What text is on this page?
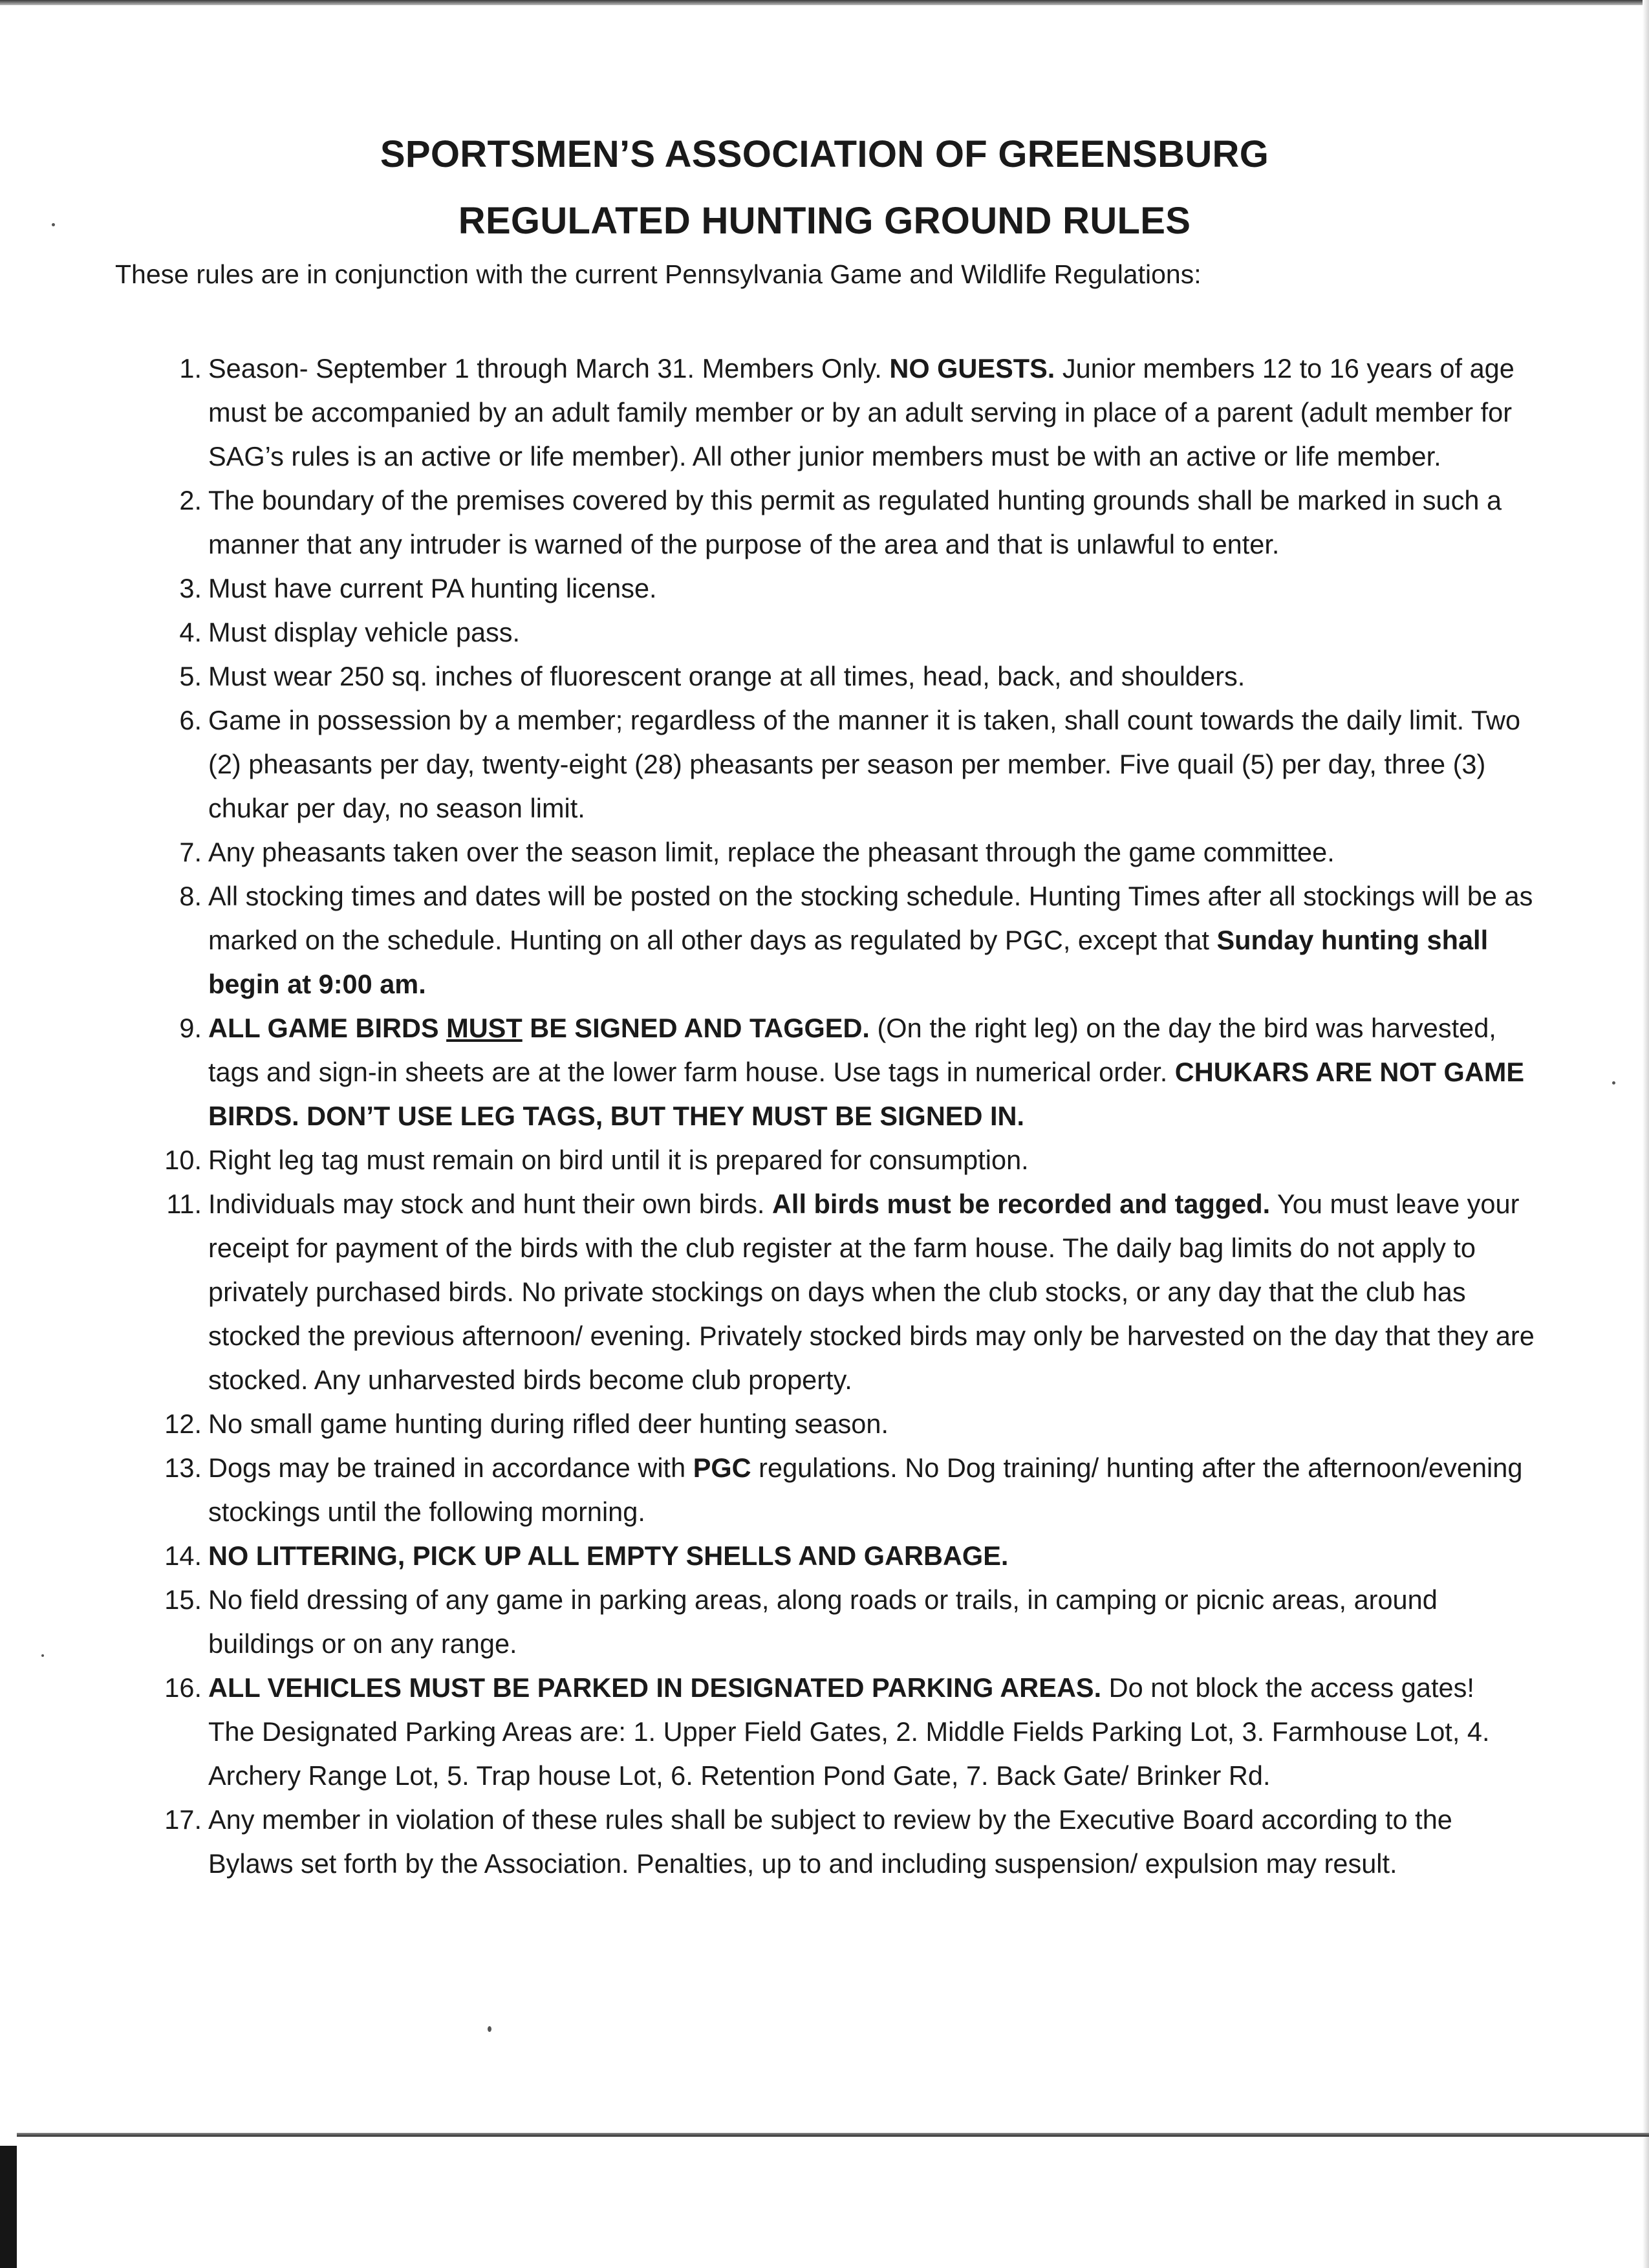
SPORTSMEN’S ASSOCIATION OF GREENSBURG
REGULATED HUNTING GROUND RULES

These rules are in conjunction with the current Pennsylvania Game and Wildlife Regulations:

1. Season- September 1 through March 31. Members Only. NO GUESTS. Junior members 12 to 16 years of age must be accompanied by an adult family member or by an adult serving in place of a parent (adult member for SAG’s rules is an active or life member). All other junior members must be with an active or life member.
2. The boundary of the premises covered by this permit as regulated hunting grounds shall be marked in such a manner that any intruder is warned of the purpose of the area and that is unlawful to enter.
3. Must have current PA hunting license.
4. Must display vehicle pass.
5. Must wear 250 sq. inches of fluorescent orange at all times, head, back, and shoulders.
6. Game in possession by a member; regardless of the manner it is taken, shall count towards the daily limit. Two (2) pheasants per day, twenty-eight (28) pheasants per season per member. Five quail (5) per day, three (3) chukar per day, no season limit.
7. Any pheasants taken over the season limit, replace the pheasant through the game committee.
8. All stocking times and dates will be posted on the stocking schedule. Hunting Times after all stockings will be as marked on the schedule. Hunting on all other days as regulated by PGC, except that Sunday hunting shall begin at 9:00 am.
9. ALL GAME BIRDS MUST BE SIGNED AND TAGGED. (On the right leg) on the day the bird was harvested, tags and sign-in sheets are at the lower farm house. Use tags in numerical order. CHUKARS ARE NOT GAME BIRDS. DON’T USE LEG TAGS, BUT THEY MUST BE SIGNED IN.
10. Right leg tag must remain on bird until it is prepared for consumption.
11. Individuals may stock and hunt their own birds. All birds must be recorded and tagged. You must leave your receipt for payment of the birds with the club register at the farm house. The daily bag limits do not apply to privately purchased birds. No private stockings on days when the club stocks, or any day that the club has stocked the previous afternoon/ evening. Privately stocked birds may only be harvested on the day that they are stocked. Any unharvested birds become club property.
12. No small game hunting during rifled deer hunting season.
13. Dogs may be trained in accordance with PGC regulations. No Dog training/ hunting after the afternoon/evening stockings until the following morning.
14. NO LITTERING, PICK UP ALL EMPTY SHELLS AND GARBAGE.
15. No field dressing of any game in parking areas, along roads or trails, in camping or picnic areas, around buildings or on any range.
16. ALL VEHICLES MUST BE PARKED IN DESIGNATED PARKING AREAS. Do not block the access gates!
The Designated Parking Areas are: 1. Upper Field Gates, 2. Middle Fields Parking Lot, 3. Farmhouse Lot, 4. Archery Range Lot, 5. Trap house Lot, 6. Retention Pond Gate, 7. Back Gate/ Brinker Rd.
17. Any member in violation of these rules shall be subject to review by the Executive Board according to the Bylaws set forth by the Association. Penalties, up to and including suspension/ expulsion may result.
